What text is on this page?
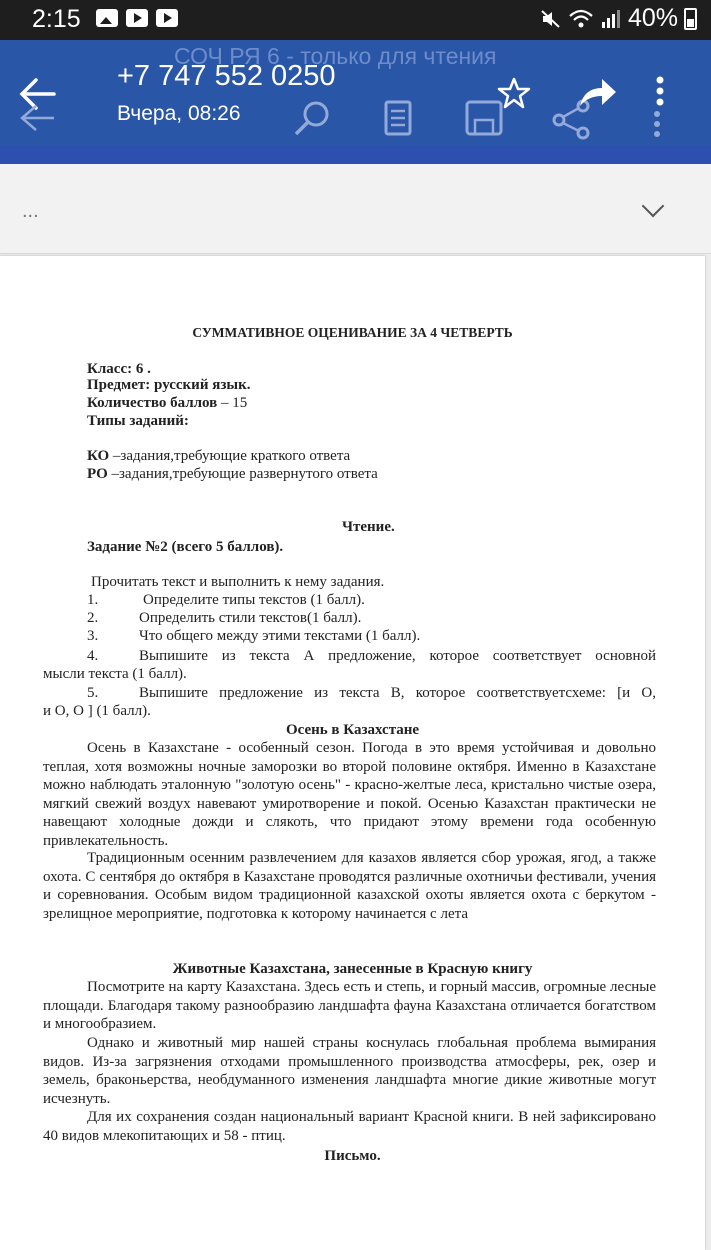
2:15	40%
СОЧ РЯ 6 - только для чтения
+7 747 552 0250
Вчера, 08:26
...
СУММАТИВНОЕ ОЦЕНИВАНИЕ ЗА 4 ЧЕТВЕРТЬ
Класс: 6 .
Предмет: русский язык.
Количество баллов – 15
Типы заданий:
КО –задания,требующие краткого ответа
РО –задания,требующие развернутого ответа
Чтение.
Задание №2 (всего 5 баллов).
Прочитать текст и выполнить к нему задания.
1.	Определите типы текстов (1 балл).
2.	Определить стили текстов(1 балл).
3.	Что общего между этими текстами (1 балл).
4.	Выпишите из текста А предложение, которое соответствует основной
мысли текста (1 балл).
5.	Выпишите предложение из текста В, которое соответствуетсхеме: [и О,
и О, О ] (1 балл).
Осень в Казахстане
Осень в Казахстане - особенный сезон. Погода в это время устойчивая и довольно теплая, хотя возможны ночные заморозки во второй половине октября. Именно в Казахстане можно наблюдать эталонную "золотую осень" - красно-желтые леса, кристально чистые озера, мягкий свежий воздух навевают умиротворение и покой. Осенью Казахстан практически не навещают холодные дожди и слякоть, что придают этому времени года особенную привлекательность.
Традиционным осенним развлечением для казахов является сбор урожая, ягод, а также охота. С сентября до октября в Казахстане проводятся различные охотничьи фестивали, учения и соревнования. Особым видом традиционной казахской охоты является охота с беркутом - зрелищное мероприятие, подготовка к которому начинается с лета
Животные Казахстана, занесенные в Красную книгу
Посмотрите на карту Казахстана. Здесь есть и степь, и горный массив, огромные лесные площади. Благодаря такому разнообразию ландшафта фауна Казахстана отличается богатством и многообразием.
Однако и животный мир нашей страны коснулась глобальная проблема вымирания видов. Из-за загрязнения отходами промышленного производства атмосферы, рек, озер и земель, браконьерства, необдуманного изменения ландшафта многие дикие животные могут исчезнуть.
Для их сохранения создан национальный вариант Красной книги. В ней зафиксировано 40 видов млекопитающих и 58 - птиц.
Письмо.
